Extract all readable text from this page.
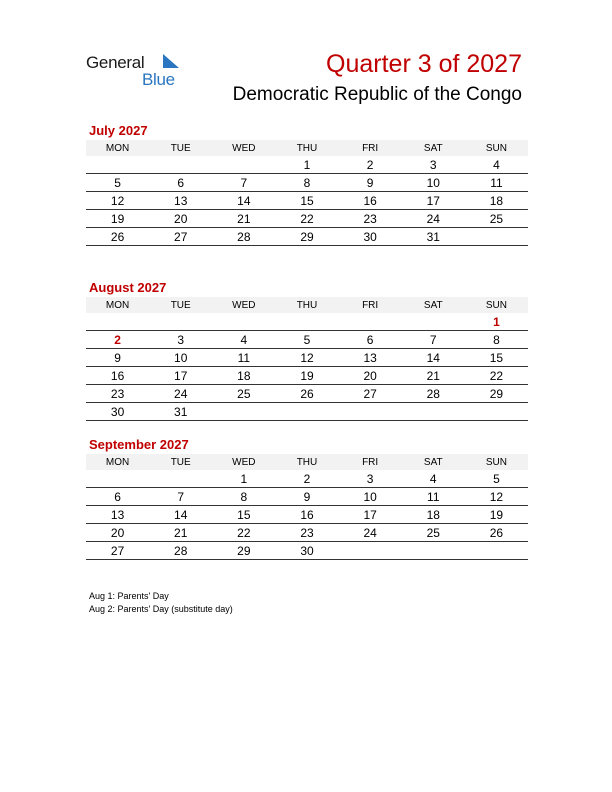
General
Blue
Quarter 3 of 2027
Democratic Republic of the Congo
July 2027
MON	TUE	WED	THU	FRI	SAT	SUN
			1	2	3	4
5	6	7	8	9	10	11
12	13	14	15	16	17	18
19	20	21	22	23	24	25
26	27	28	29	30	31	
August 2027
MON	TUE	WED	THU	FRI	SAT	SUN
						1
2	3	4	5	6	7	8
9	10	11	12	13	14	15
16	17	18	19	20	21	22
23	24	25	26	27	28	29
30	31					
September 2027
MON	TUE	WED	THU	FRI	SAT	SUN
		1	2	3	4	5
6	7	8	9	10	11	12
13	14	15	16	17	18	19
20	21	22	23	24	25	26
27	28	29	30			
Aug 1: Parents' Day
Aug 2: Parents' Day (substitute day)
